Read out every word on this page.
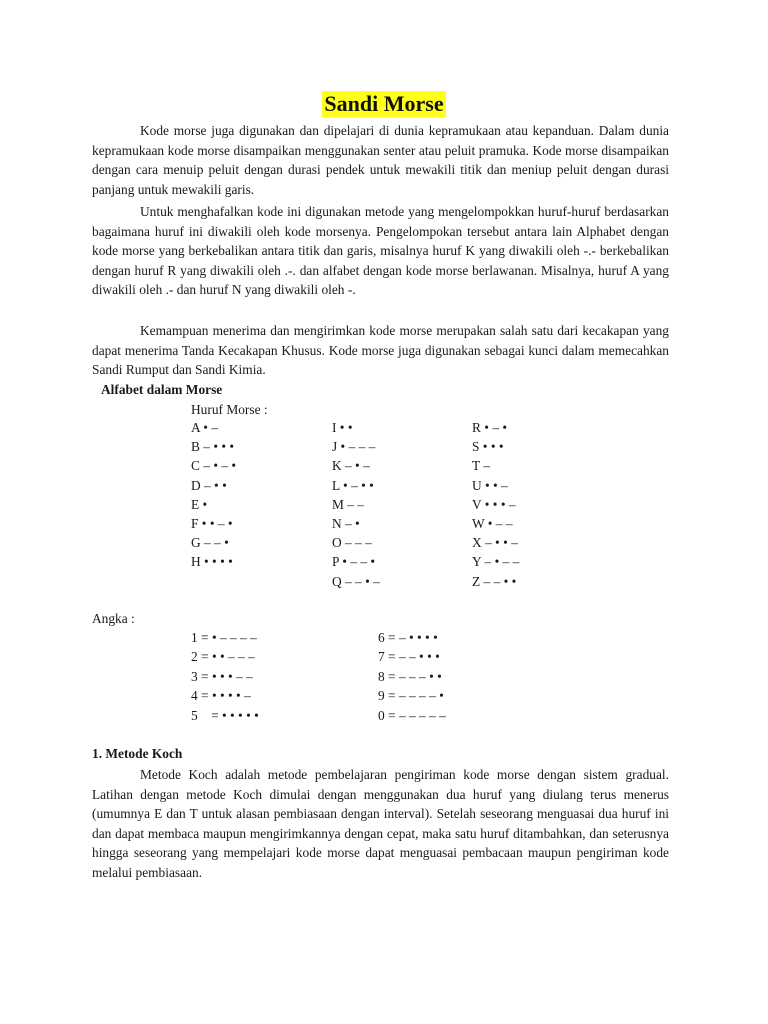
Sandi Morse

Kode morse juga digunakan dan dipelajari di dunia kepramukaan atau kepanduan. Dalam dunia kepramukaan kode morse disampaikan menggunakan senter atau peluit pramuka. Kode morse disampaikan dengan cara menuip peluit dengan durasi pendek untuk mewakili titik dan meniup peluit dengan durasi panjang untuk mewakili garis.

Untuk menghafalkan kode ini digunakan metode yang mengelompokkan huruf-huruf berdasarkan bagaimana huruf ini diwakili oleh kode morsenya. Pengelompokan tersebut antara lain Alphabet dengan kode morse yang berkebalikan antara titik dan garis, misalnya huruf K yang diwakili oleh -.- berkebalikan dengan huruf R yang diwakili oleh .-. dan alfabet dengan kode morse berlawanan. Misalnya, huruf A yang diwakili oleh .- dan huruf N yang diwakili oleh -.

Kemampuan menerima dan mengirimkan kode morse merupakan salah satu dari kecakapan yang dapat menerima Tanda Kecakapan Khusus. Kode morse juga digunakan sebagai kunci dalam memecahkan Sandi Rumput dan Sandi Kimia.

Alfabet dalam Morse
Huruf Morse :
A • –
B – • • •
C – • – •
D – • •
E •
F • • – •
G – – •
H • • • •
I • •
J • – – –
K – • –
L • – • •
M – –
N – •
O – – –
P • – – •
Q – – • –
R • – •
S • • •
T –
U • • –
V • • • –
W • – –
X – • • –
Y – • – –
Z – – • •
Angka :
1 = • – – – –
2 = • • – – –
3 = • • • – –
4 = • • • • –
5    = • • • • •
6 = – • • • •
7 = – – • • •
8 = – – – • •
9 = – – – – •
0 = – – – – –
1. Metode Koch

Metode Koch adalah metode pembelajaran pengiriman kode morse dengan sistem gradual. Latihan dengan metode Koch dimulai dengan menggunakan dua huruf yang diulang terus menerus (umumnya E dan T untuk alasan pembiasaan dengan interval). Setelah seseorang menguasai dua huruf ini dan dapat membaca maupun mengirimkannya dengan cepat, maka satu huruf ditambahkan, dan seterusnya hingga seseorang yang mempelajari kode morse dapat menguasai pembacaan maupun pengiriman kode melalui pembiasaan.
